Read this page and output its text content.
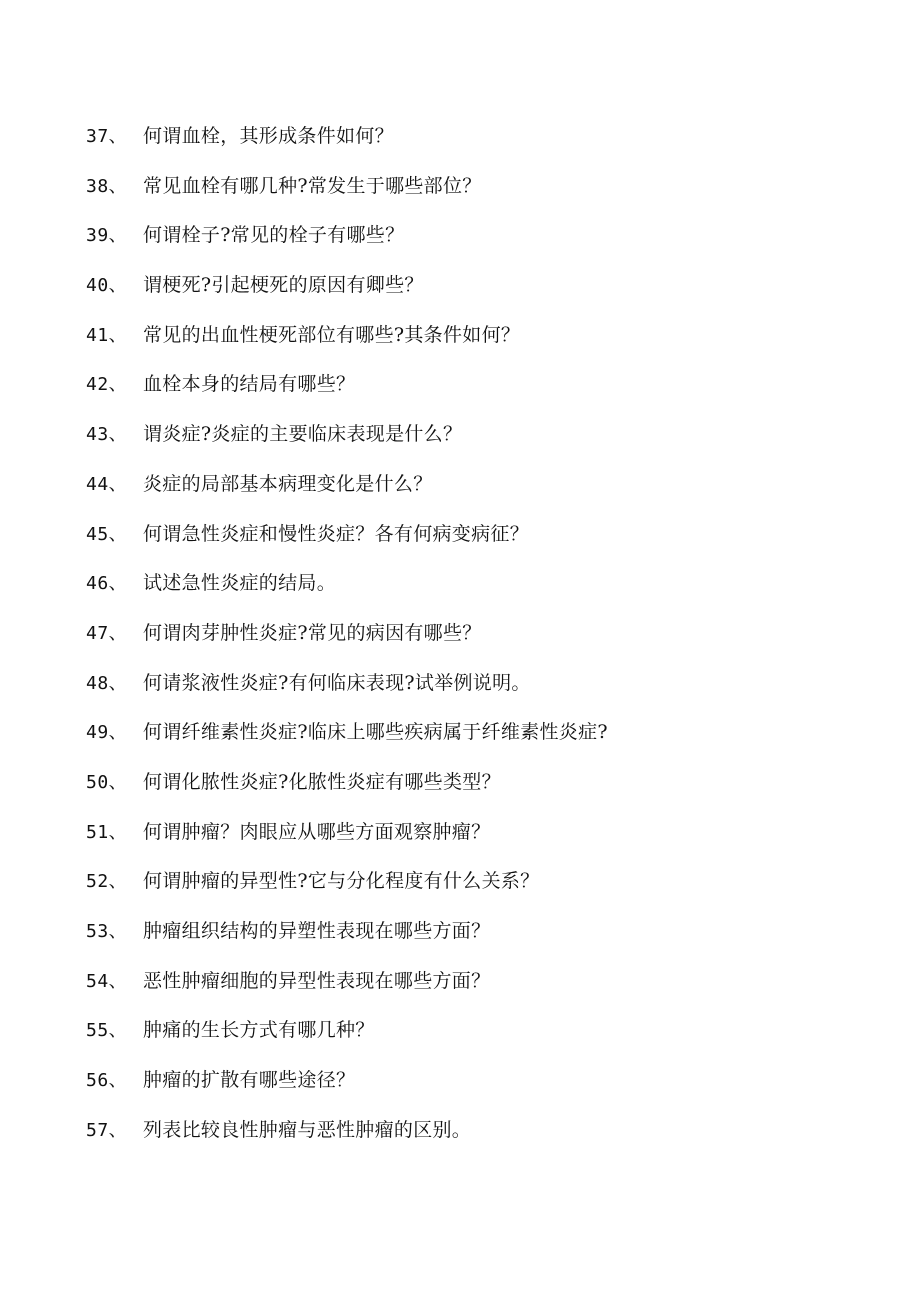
37、 何谓血栓，其形成条件如何？
38、 常见血栓有哪几种?常发生于哪些部位？
39、 何谓栓子?常见的栓子有哪些？
40、 谓梗死?引起梗死的原因有卿些？
41、 常见的出血性梗死部位有哪些?其条件如何？
42、 血栓本身的结局有哪些？
43、 谓炎症?炎症的主要临床表现是什么？
44、 炎症的局部基本病理变化是什么？
45、 何谓急性炎症和慢性炎症？各有何病变病征？
46、 试述急性炎症的结局。
47、 何谓肉芽肿性炎症?常见的病因有哪些？
48、 何请浆液性炎症?有何临床表现?试举例说明。
49、 何谓纤维素性炎症?临床上哪些疾病属于纤维素性炎症?
50、 何谓化脓性炎症?化脓性炎症有哪些类型？
51、 何谓肿瘤？肉眼应从哪些方面观察肿瘤？
52、 何谓肿瘤的异型性?它与分化程度有什么关系？
53、 肿瘤组织结构的异塑性表现在哪些方面？
54、 恶性肿瘤细胞的异型性表现在哪些方面？
55、 肿痛的生长方式有哪几种？
56、 肿瘤的扩散有哪些途径？
57、 列表比较良性肿瘤与恶性肿瘤的区别。
